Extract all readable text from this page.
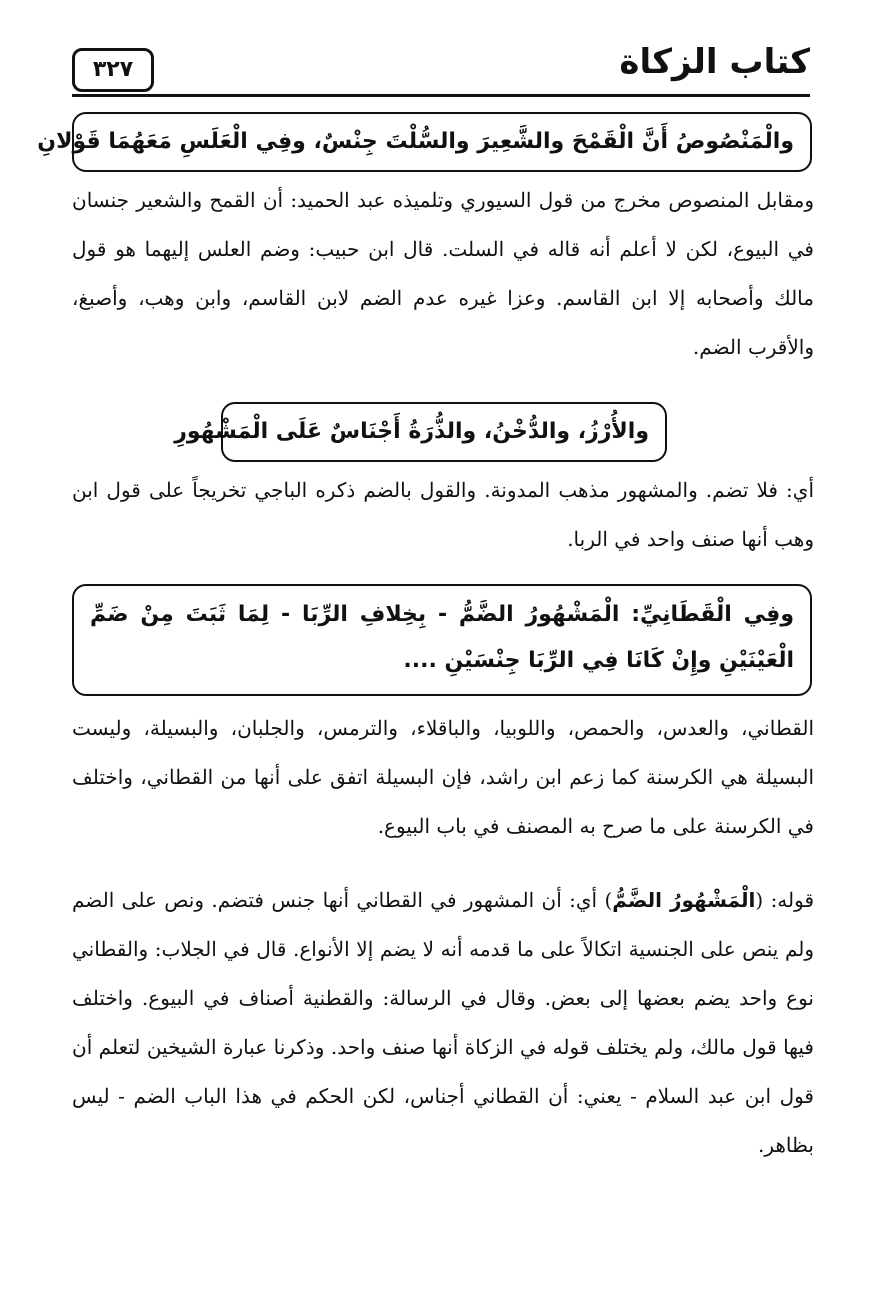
كتاب الزكاة
٣٢٧
والْمَنْصُوصُ أَنَّ الْقَمْحَ والشَّعِيرَ والسُّلْتَ جِنْسٌ، وفِي الْعَلَسِ مَعَهُمَا قَوْلانِ
ومقابل المنصوص مخرج من قول السيوري وتلميذه عبد الحميد: أن القمح والشعير جنسان في البيوع، لكن لا أعلم أنه قاله في السلت. قال ابن حبيب: وضم العلس إليهما هو قول مالك وأصحابه إلا ابن القاسم. وعزا غيره عدم الضم لابن القاسم، وابن وهب، وأصبغ، والأقرب الضم.
والأُرْزُ، والدُّخْنُ، والذُّرَةُ أَجْنَاسٌ عَلَى الْمَشْهُورِ
أي: فلا تضم. والمشهور مذهب المدونة. والقول بالضم ذكره الباجي تخريجاً على قول ابن وهب أنها صنف واحد في الربا.
وفِي الْقَطَانِيِّ: الْمَشْهُورُ الضَّمُّ - بِخِلافِ الرِّبَا - لِمَا ثَبَتَ مِنْ ضَمِّ الْعَيْنَيْنِ وإِنْ كَانَا فِي الرِّبَا جِنْسَيْنِ ....
القطاني، والعدس، والحمص، واللوبيا، والباقلاء، والترمس، والجلبان، والبسيلة، وليست البسيلة هي الكرسنة كما زعم ابن راشد، فإن البسيلة اتفق على أنها من القطاني، واختلف في الكرسنة على ما صرح به المصنف في باب البيوع.
قوله: (الْمَشْهُورُ الضَّمُّ) أي: أن المشهور في القطاني أنها جنس فتضم. ونص على الضم ولم ينص على الجنسية اتكالاً على ما قدمه أنه لا يضم إلا الأنواع. قال في الجلاب: والقطاني نوع واحد يضم بعضها إلى بعض. وقال في الرسالة: والقطنية أصناف في البيوع. واختلف فيها قول مالك، ولم يختلف قوله في الزكاة أنها صنف واحد. وذكرنا عبارة الشيخين لتعلم أن قول ابن عبد السلام - يعني: أن القطاني أجناس، لكن الحكم في هذا الباب الضم - ليس بظاهر.
